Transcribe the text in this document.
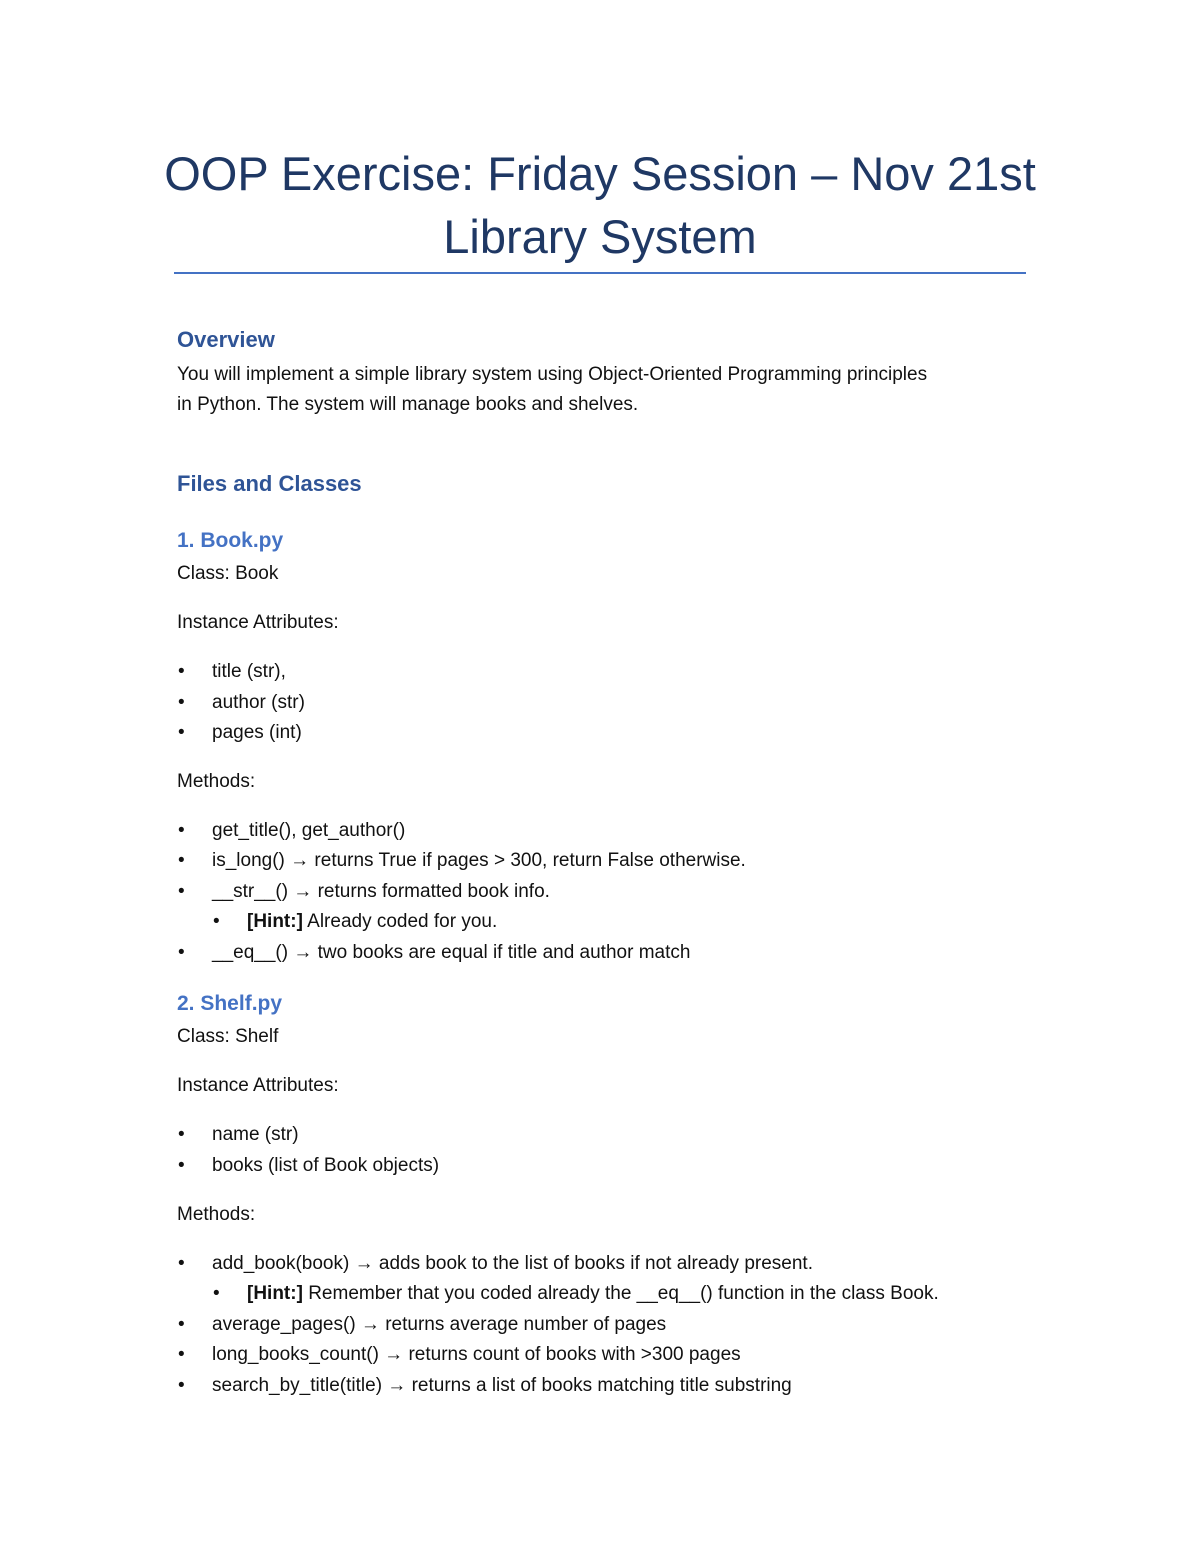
OOP Exercise: Friday Session – Nov 21st
Library System
Overview
You will implement a simple library system using Object-Oriented Programming principles
in Python. The system will manage books and shelves.
Files and Classes
1. Book.py
Class: Book
Instance Attributes:
• title (str),
• author (str)
• pages (int)
Methods:
• get_title(), get_author()
• is_long() → returns True if pages > 300, return False otherwise.
• __str__() → returns formatted book info.
• [Hint:] Already coded for you.
• __eq__() → two books are equal if title and author match
2. Shelf.py
Class: Shelf
Instance Attributes:
• name (str)
• books (list of Book objects)
Methods:
• add_book(book) → adds book to the list of books if not already present.
• [Hint:] Remember that you coded already the __eq__() function in the class Book.
• average_pages() → returns average number of pages
• long_books_count() → returns count of books with >300 pages
• search_by_title(title) → returns a list of books matching title substring
